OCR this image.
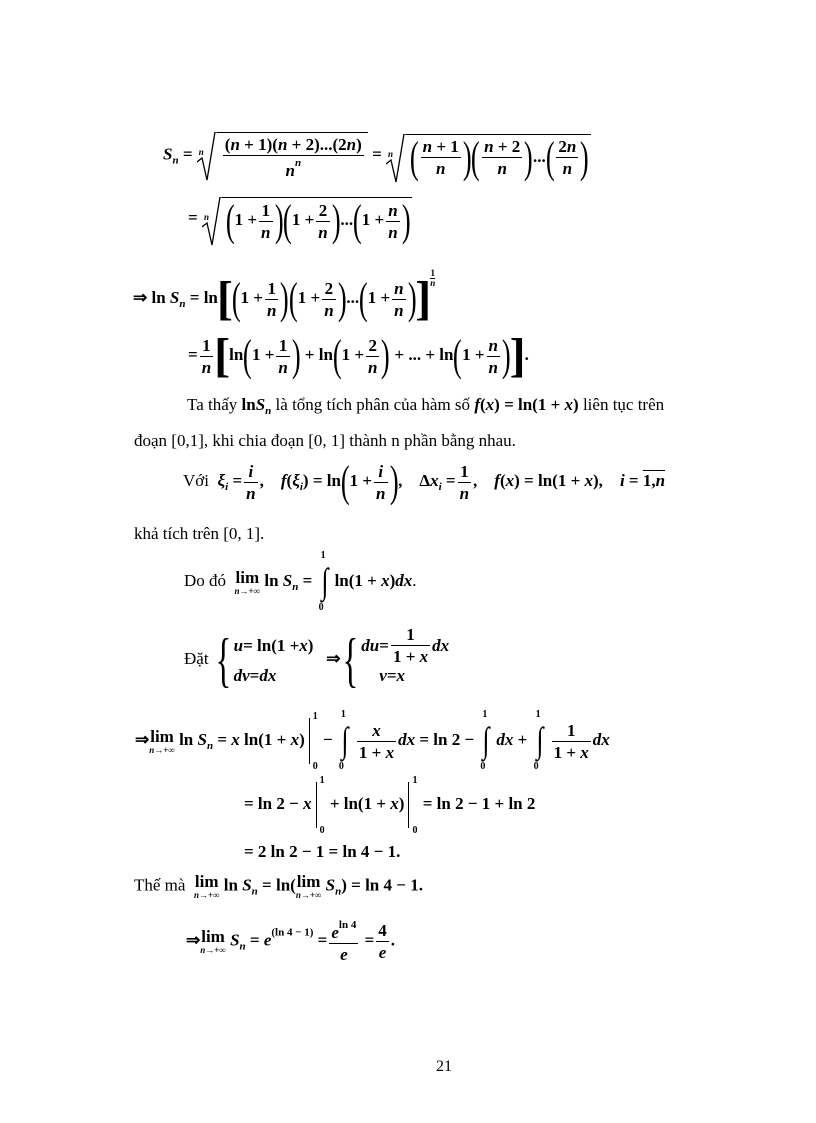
$S_n = n \frac{(n + 1)(n + 2)...(2n)}{n^n} = n$ ( $\frac{n + 1}{n}$ )( $\frac{n + 2}{n}$ )...( $\frac{2n}{n}$ )
= n $(1 + \frac{1}{n} )(1 + \frac{2}{n} )...(1 + \frac{n}{n}$ )
⇒ $\ln S_n = \ln[(1 + \frac{1}{n} )(1 + \frac{2}{n} )...(1 + \frac{n}{n}$ )] $\frac{1}{n}$
= $\frac{1}{n} [\ln(1 + \frac{1}{n}$ ) + $\ln(1 + \frac{2}{n}$ ) + ... + $\ln(1 + \frac{n}{n}$ )].
Ta thấy lnS$_n$ là tổng tích phân của hàm số f(x) = ln(1 + x) liên tục trên
đoạn [0,1], khi chia đoạn [0, 1] thành n phần bằng nhau.
Với $\xi_i = \frac{i}{n}$ ,    $f(\xi_i) = \ln(1 + \frac{i}{n}$ ),    $\Delta x_i = \frac{1}{n}$ ,    f(x) = ln(1 + x),    i = 1,n
khả tích trên [0, 1].
Do đó lim
n→+∞
$\ln S_n$ =
1
∫
0
ln(1 + x)dx.
Đặt { u = ln(1 + x )
dv = dx
⇒{ du = $\frac{1}{1 + x}$ dx
v = x
⇒lim
n→+∞
$\ln S_n = x$ ln(1 + x)
1
0
−
1
∫
0
$\frac{x}{1 + x}$ dx = ln 2 −
1
∫
0
dx +
1
∫
0
$\frac{1}{1 + x}$ dx
= ln 2 − x
1
0
+ ln(1 + x)
1
0
= ln 2 − 1 + ln 2
= 2 ln 2 − 1 = ln 4 − 1.
Thế mà lim
n→+∞
$\ln S_n = \ln(\lim$
n→+∞
$S_n) = \ln 4 - 1$.
⇒lim
n→+∞
$S_n = e^{(ln 4 - 1)} = \frac{e^{ln 4}}{e} = \frac{4}{e}$ .
21
